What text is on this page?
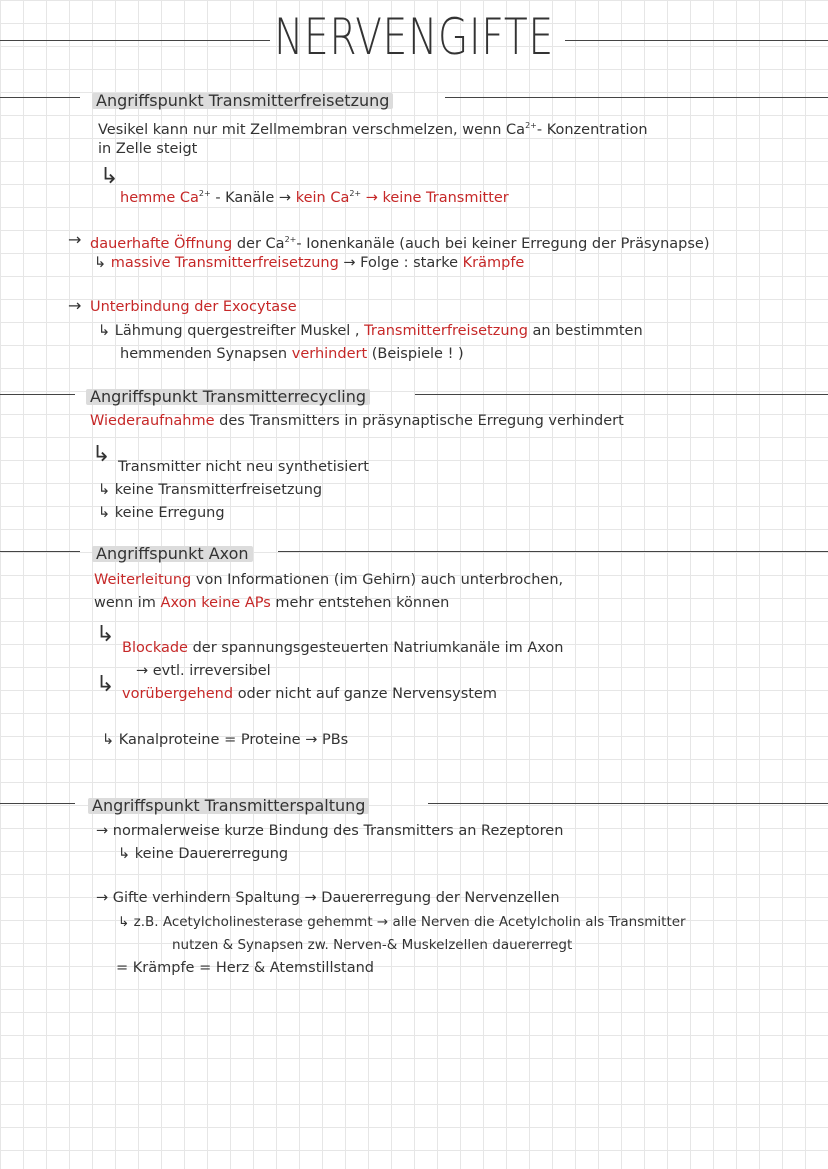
NERVENGIFTE
Angriffspunkt Transmitterfreisetzung
Vesikel kann nur mit Zellmembran verschmelzen, wenn $Ca^{2+}-$ Konzentration
in Zelle steigt
↳
hemme $Ca^{2+}$ - Kanäle → kein $Ca^{2+}$ → keine Transmitter
→ dauerhafte Öffnung der $Ca^{2+}-$ Ionenkanäle (auch bei keiner Erregung der Präsynapse)
↳ massive Transmitterfreisetzung → Folge : starke Krämpfe
→ Unterbindung der Exocytase
↳ Lähmung quergestreifter Muskel , Transmitterfreisetzung an bestimmten
hemmenden Synapsen verhindert (Beispiele ! )
Angriffspunkt Transmitterrecycling
Wiederaufnahme des Transmitters in präsynaptische Erregung verhindert
↳ Transmitter nicht neu synthetisiert
↳ keine Transmitterfreisetzung
↳ keine Erregung
Angriffspunkt Axon
Weiterleitung von Informationen (im Gehirn) auch unterbrochen,
wenn im Axon keine APs mehr entstehen können
↳
Blockade der spannungsgesteuerten Natriumkanäle im Axon
→ evtl. irreversibel
↳ vorübergehend oder nicht auf ganze Nervensystem
↳ Kanalproteine = Proteine → PBs
Angriffspunkt Transmitterspaltung
→ normalerweise kurze Bindung des Transmitters an Rezeptoren
↳ keine Dauererregung
→ Gifte verhindern Spaltung → Dauererregung der Nervenzellen
↳ z.B. Acetylcholinesterase gehemmt → alle Nerven die Acetylcholin als Transmitter
nutzen & Synapsen zw. Nerven-& Muskelzellen dauererregt
= Krämpfe = Herz & Atemstillstand
